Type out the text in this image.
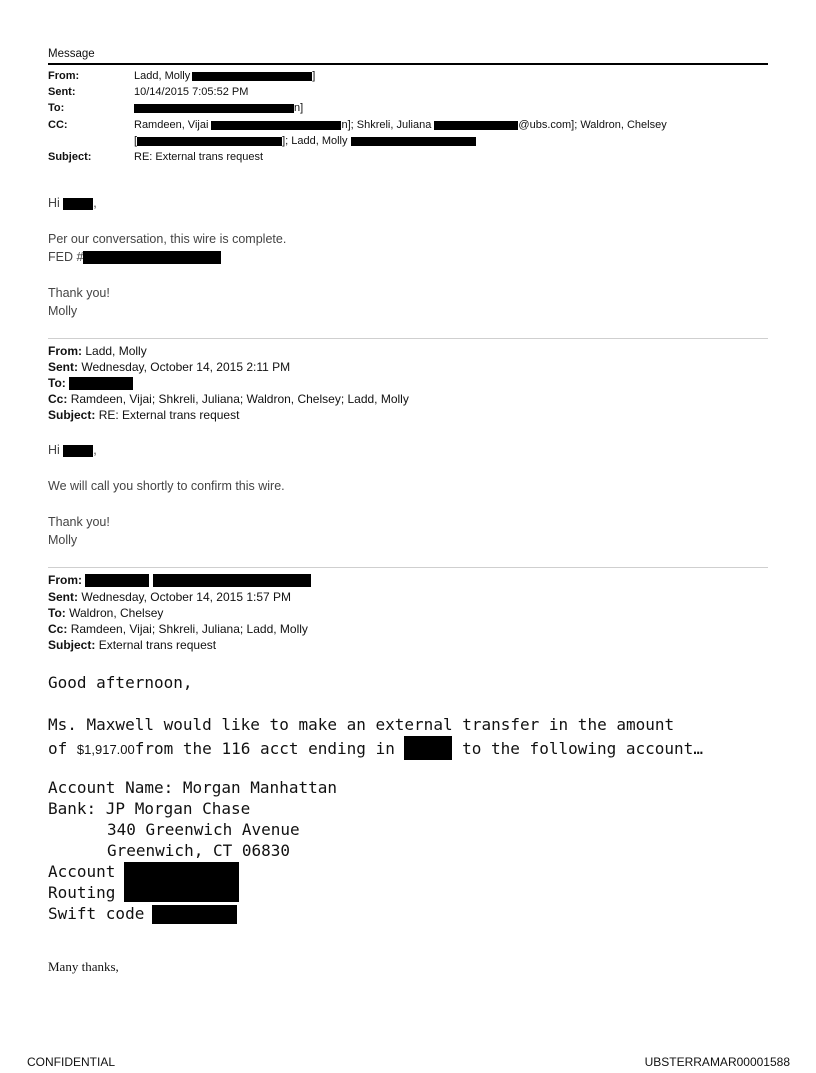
Message
From:	Ladd, Molly	]
Sent:	10/14/2015 7:05:52 PM
To:	n]
CC:	Ramdeen, Vijai	n]; Shkreli, Juliana	@ubs.com]; Waldron, Chelsey
[	]; Ladd, Molly
Subject:	RE: External trans request
Hi	,
Per our conversation, this wire is complete.
FED #
Thank you!
Molly
From: Ladd, Molly
Sent: Wednesday, October 14, 2015 2:11 PM
To:
Cc: Ramdeen, Vijai; Shkreli, Juliana; Waldron, Chelsey; Ladd, Molly
Subject: RE: External trans request
Hi	,
We will call you shortly to confirm this wire.
Thank you!
Molly
From:
Sent: Wednesday, October 14, 2015 1:57 PM
To: Waldron, Chelsey
Cc: Ramdeen, Vijai; Shkreli, Juliana; Ladd, Molly
Subject: External trans request
Good afternoon,
Ms. Maxwell would like to make an external transfer in the amount
of $1,917.00from the 116 acct ending in	to the following account…
Account Name: Morgan Manhattan
Bank: JP Morgan Chase
340 Greenwich Avenue
Greenwich, CT 06830
Account
Routing
Swift code
Many thanks,
CONFIDENTIAL	UBSTERRAMAR00001588
